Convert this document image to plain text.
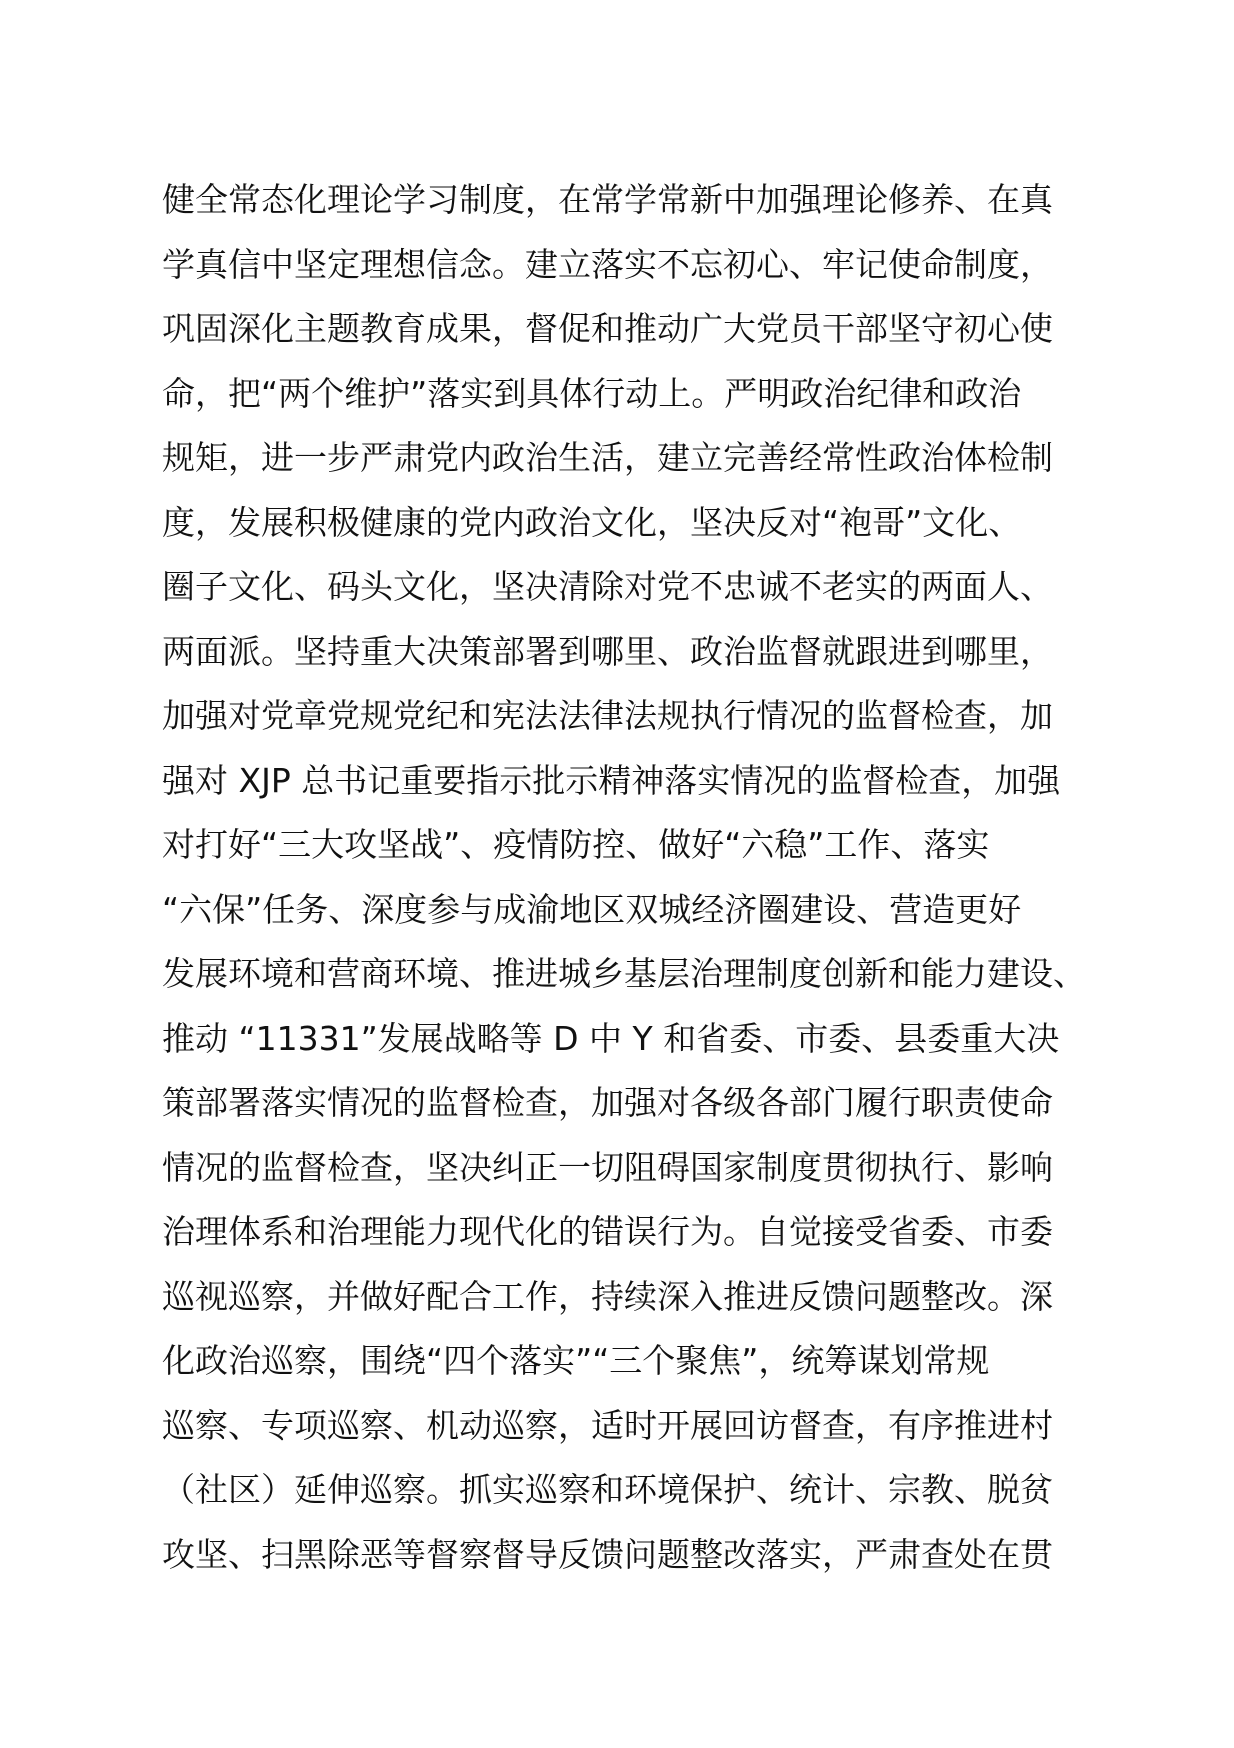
健全常态化理论学习制度，在常学常新中加强理论修养、在真
学真信中坚定理想信念。建立落实不忘初心、牢记使命制度，
巩固深化主题教育成果，督促和推动广大党员干部坚守初心使
命，把“两个维护”落实到具体行动上。严明政治纪律和政治
规矩，进一步严肃党内政治生活，建立完善经常性政治体检制
度，发展积极健康的党内政治文化，坚决反对“袍哥”文化、
圈子文化、码头文化，坚决清除对党不忠诚不老实的两面人、
两面派。坚持重大决策部署到哪里、政治监督就跟进到哪里，
加强对党章党规党纪和宪法法律法规执行情况的监督检查，加
强对 XJP 总书记重要指示批示精神落实情况的监督检查，加强
对打好“三大攻坚战”、疫情防控、做好“六稳”工作、落实
“六保”任务、深度参与成渝地区双城经济圈建设、营造更好
发展环境和营商环境、推进城乡基层治理制度创新和能力建设、
推动 “11331”发展战略等 D 中 Y 和省委、市委、县委重大决
策部署落实情况的监督检查，加强对各级各部门履行职责使命
情况的监督检查，坚决纠正一切阻碍国家制度贯彻执行、影响
治理体系和治理能力现代化的错误行为。自觉接受省委、市委
巡视巡察，并做好配合工作，持续深入推进反馈问题整改。深
化政治巡察，围绕“四个落实”“三个聚焦”，统筹谋划常规
巡察、专项巡察、机动巡察，适时开展回访督查，有序推进村
（社区）延伸巡察。抓实巡察和环境保护、统计、宗教、脱贫
攻坚、扫黑除恶等督察督导反馈问题整改落实，严肃查处在贯
